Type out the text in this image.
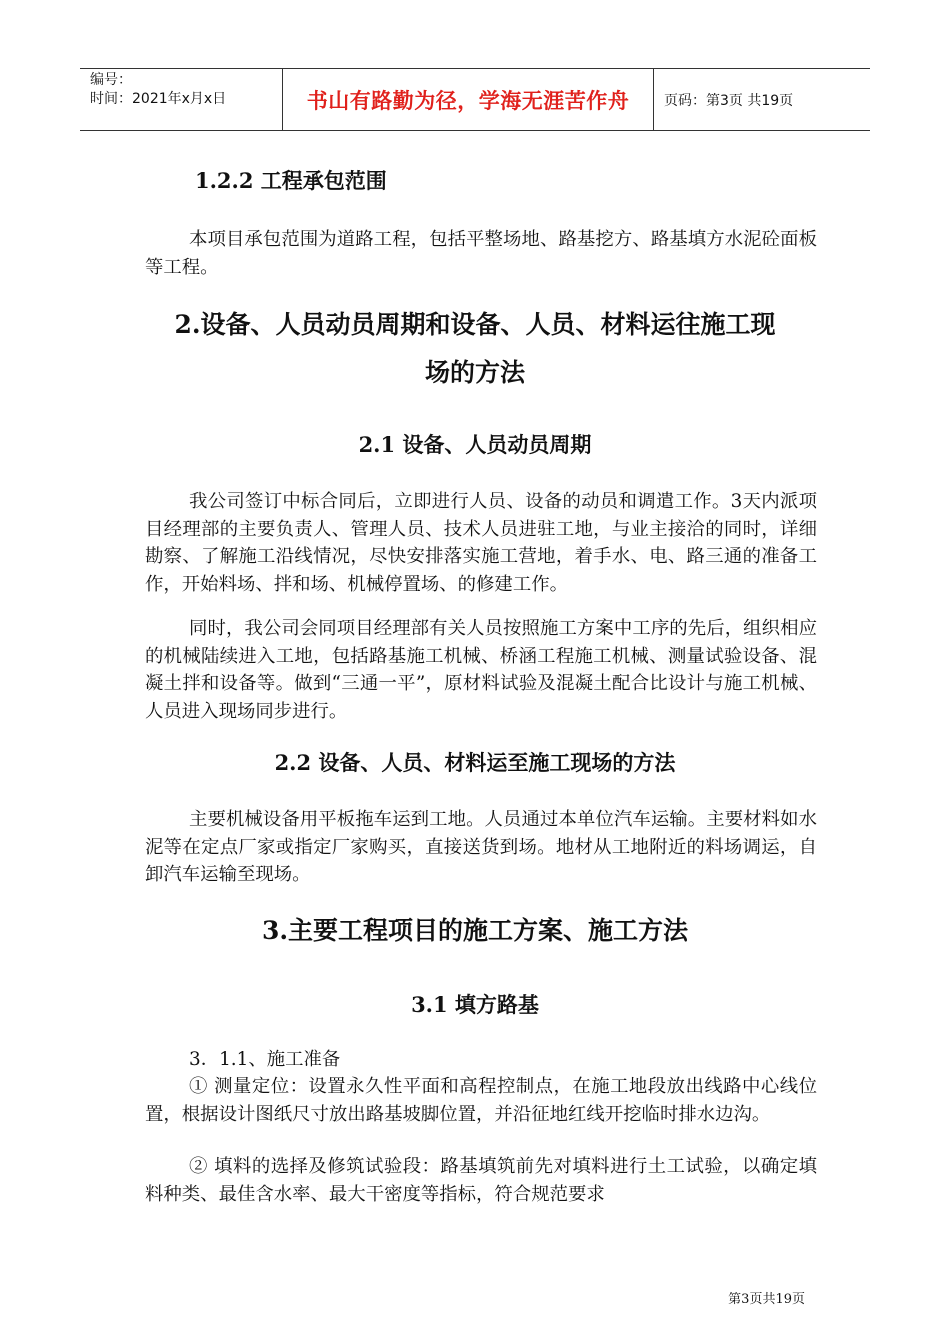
编号：
时间：2021年x月x日	书山有路勤为径，学海无涯苦作舟	页码：第3页 共19页
1.2.2 工程承包范围

本项目承包范围为道路工程，包括平整场地、路基挖方、路基填方水泥砼面板等工程。

2.设备、人员动员周期和设备、人员、材料运往施工现
场的方法
2.1 设备、人员动员周期

我公司签订中标合同后，立即进行人员、设备的动员和调遣工作。3天内派项目经理部的主要负责人、管理人员、技术人员进驻工地，与业主接洽的同时，详细勘察、了解施工沿线情况，尽快安排落实施工营地，着手水、电、路三通的准备工作，开始料场、拌和场、机械停置场、的修建工作。

同时，我公司会同项目经理部有关人员按照施工方案中工序的先后，组织相应的机械陆续进入工地，包括路基施工机械、桥涵工程施工机械、测量试验设备、混凝土拌和设备等。做到“三通一平”，原材料试验及混凝土配合比设计与施工机械、人员进入现场同步进行。

2.2 设备、人员、材料运至施工现场的方法

主要机械设备用平板拖车运到工地。人员通过本单位汽车运输。主要材料如水泥等在定点厂家或指定厂家购买，直接送货到场。地材从工地附近的料场调运，自卸汽车运输至现场。

3.主要工程项目的施工方案、施工方法
3.1 填方路基

3．1.1、施工准备

① 测量定位：设置永久性平面和高程控制点，在施工地段放出线路中心线位置，根据设计图纸尺寸放出路基坡脚位置，并沿征地红线开挖临时排水边沟。

② 填料的选择及修筑试验段：路基填筑前先对填料进行土工试验，以确定填料种类、最佳含水率、最大干密度等指标，符合规范要求

第3页共19页
